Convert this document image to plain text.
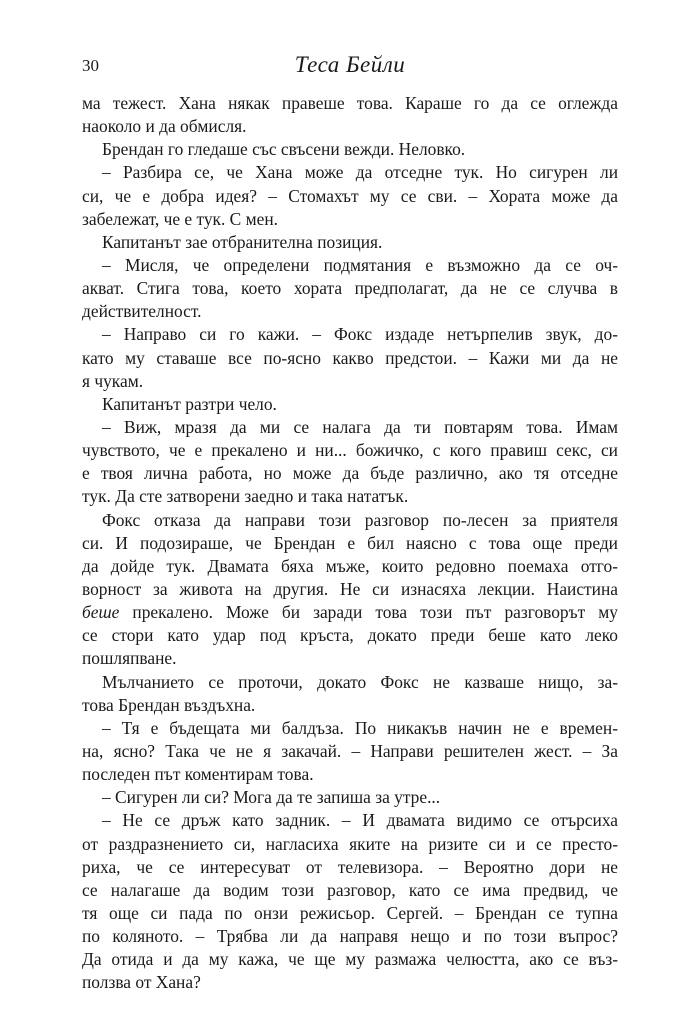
30	Теса Бейли
ма тежест. Хана някак правеше това. Караше го да се оглежда
наоколо и да обмисля.
Брендан го гледаше със свъсени вежди. Неловко.
– Разбира се, че Хана може да отседне тук. Но сигурен ли
си, че е добра идея? – Стомахът му се сви. – Хората може да
забележат, че е тук. С мен.
Капитанът зае отбранителна позиция.
– Мисля, че определени подмятания е възможно да се оч-
акват. Стига това, което хората предполагат, да не се случва в
действителност.
– Направо си го кажи. – Фокс издаде нетърпелив звук, до-
като му ставаше все по-ясно какво предстои. – Кажи ми да не
я чукам.
Капитанът разтри чело.
– Виж, мразя да ми се налага да ти повтарям това. Имам
чувството, че е прекалено и ни... божичко, с кого правиш секс, си
е твоя лична работа, но може да бъде различно, ако тя отседне
тук. Да сте затворени заедно и така нататък.
Фокс отказа да направи този разговор по-лесен за приятеля
си. И подозираше, че Брендан е бил наясно с това още преди
да дойде тук. Двамата бяха мъже, които редовно поемаха отго-
ворност за живота на другия. Не си изнасяха лекции. Наистина
беше прекалено. Може би заради това този път разговорът му
се стори като удар под кръста, докато преди беше като леко
пошляпване.
Мълчанието се проточи, докато Фокс не казваше нищо, за-
това Брендан въздъхна.
– Тя е бъдещата ми балдъза. По никакъв начин не е времен-
на, ясно? Така че не я закачай. – Направи решителен жест. – За
последен път коментирам това.
– Сигурен ли си? Мога да те запиша за утре...
– Не се дръж като задник. – И двамата видимо се отърсиха
от раздразнението си, нагласиха яките на ризите си и се престо-
риха, че се интересуват от телевизора. – Вероятно дори не
се налагаше да водим този разговор, като се има предвид, че
тя още си пада по онзи режисьор. Сергей. – Брендан се тупна
по коляното. – Трябва ли да направя нещо и по този въпрос?
Да отида и да му кажа, че ще му размажа челюстта, ако се въз-
ползва от Хана?
